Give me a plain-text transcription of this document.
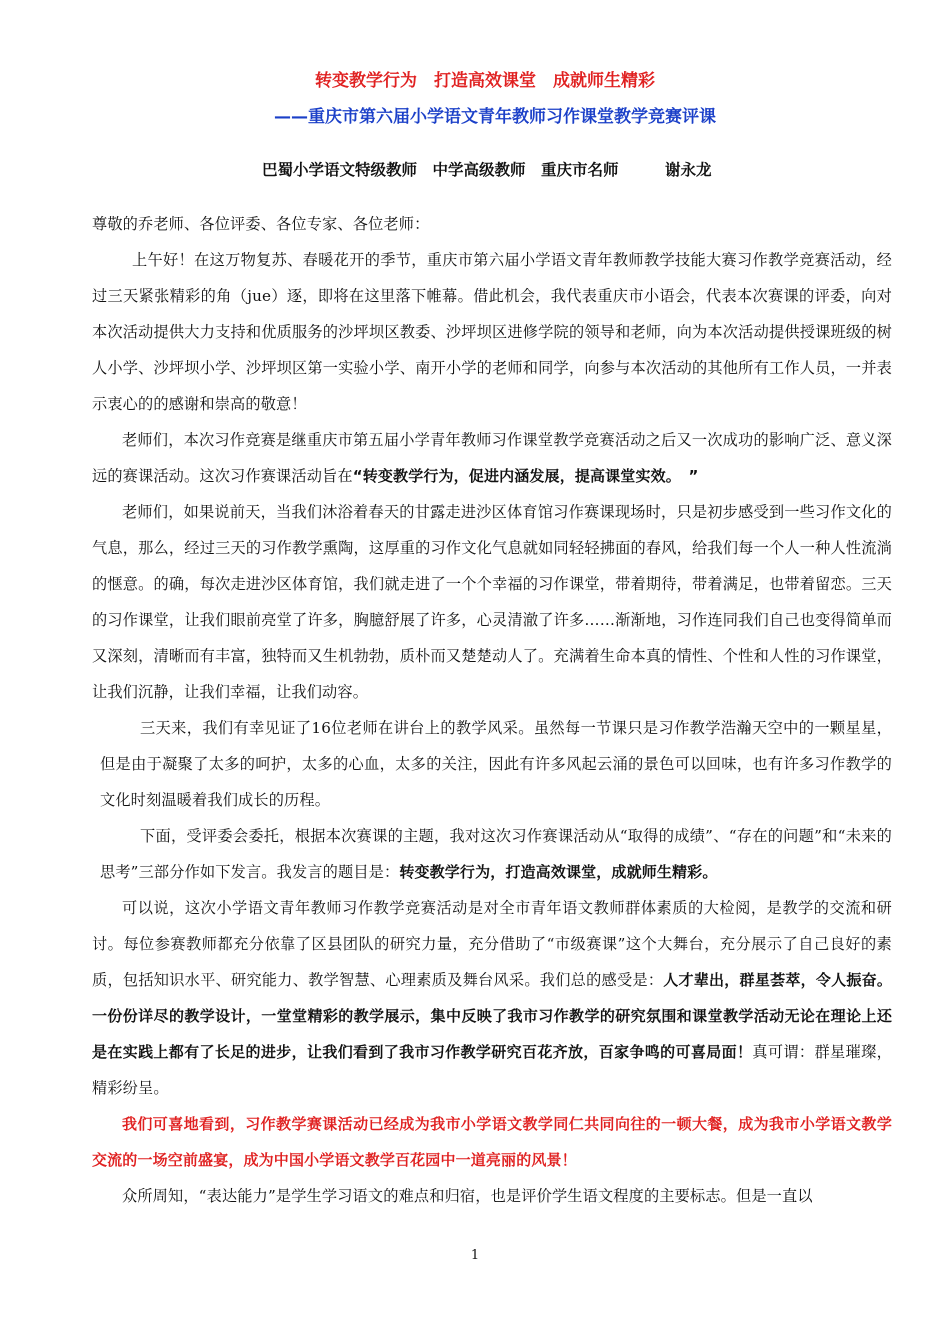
转变教学行为　打造高效课堂　成就师生精彩
——重庆市第六届小学语文青年教师习作课堂教学竞赛评课
巴蜀小学语文特级教师　中学高级教师　重庆市名师　　　谢永龙

尊敬的乔老师、各位评委、各位专家、各位老师：

上午好！在这万物复苏、春暖花开的季节，重庆市第六届小学语文青年教师教学技能大赛习作教学竞赛活动，经过三天紧张精彩的角（jue）逐，即将在这里落下帷幕。借此机会，我代表重庆市小语会，代表本次赛课的评委，向对本次活动提供大力支持和优质服务的沙坪坝区教委、沙坪坝区进修学院的领导和老师，向为本次活动提供授课班级的树人小学、沙坪坝小学、沙坪坝区第一实验小学、南开小学的老师和同学，向参与本次活动的其他所有工作人员，一并表示衷心的的感谢和崇高的敬意！

老师们，本次习作竞赛是继重庆市第五届小学青年教师习作课堂教学竞赛活动之后又一次成功的影响广泛、意义深远的赛课活动。这次习作赛课活动旨在“转变教学行为，促进内涵发展，提高课堂实效。　”

老师们，如果说前天，当我们沐浴着春天的甘露走进沙区体育馆习作赛课现场时，只是初步感受到一些习作文化的气息，那么，经过三天的习作教学熏陶，这厚重的习作文化气息就如同轻轻拂面的春风，给我们每一个人一种人性流淌的惬意。的确，每次走进沙区体育馆，我们就走进了一个个幸福的习作课堂，带着期待，带着满足，也带着留恋。三天的习作课堂，让我们眼前亮堂了许多，胸臆舒展了许多，心灵清澈了许多……渐渐地，习作连同我们自己也变得简单而又深刻，清晰而有丰富，独特而又生机勃勃，质朴而又楚楚动人了。充满着生命本真的情性、个性和人性的习作课堂，让我们沉静，让我们幸福，让我们动容。

三天来，我们有幸见证了16位老师在讲台上的教学风采。虽然每一节课只是习作教学浩瀚天空中的一颗星星，但是由于凝聚了太多的呵护，太多的心血，太多的关注，因此有许多风起云涌的景色可以回味，也有许多习作教学的文化时刻温暖着我们成长的历程。

下面，受评委会委托，根据本次赛课的主题，我对这次习作赛课活动从“取得的成绩”、“存在的问题”和“未来的思考”三部分作如下发言。我发言的题目是：转变教学行为，打造高效课堂，成就师生精彩。

可以说，这次小学语文青年教师习作教学竞赛活动是对全市青年语文教师群体素质的大检阅，是教学的交流和研讨。每位参赛教师都充分依靠了区县团队的研究力量，充分借助了“市级赛课”这个大舞台，充分展示了自己良好的素质，包括知识水平、研究能力、教学智慧、心理素质及舞台风采。我们总的感受是：人才辈出，群星荟萃，令人振奋。一份份详尽的教学设计，一堂堂精彩的教学展示，集中反映了我市习作教学的研究氛围和课堂教学活动无论在理论上还是在实践上都有了长足的进步，让我们看到了我市习作教学研究百花齐放，百家争鸣的可喜局面！真可谓：群星璀璨，精彩纷呈。

我们可喜地看到，习作教学赛课活动已经成为我市小学语文教学同仁共同向往的一顿大餐，成为我市小学语文教学交流的一场空前盛宴，成为中国小学语文教学百花园中一道亮丽的风景！

众所周知，“表达能力”是学生学习语文的难点和归宿，也是评价学生语文程度的主要标志。但是一直以

1
